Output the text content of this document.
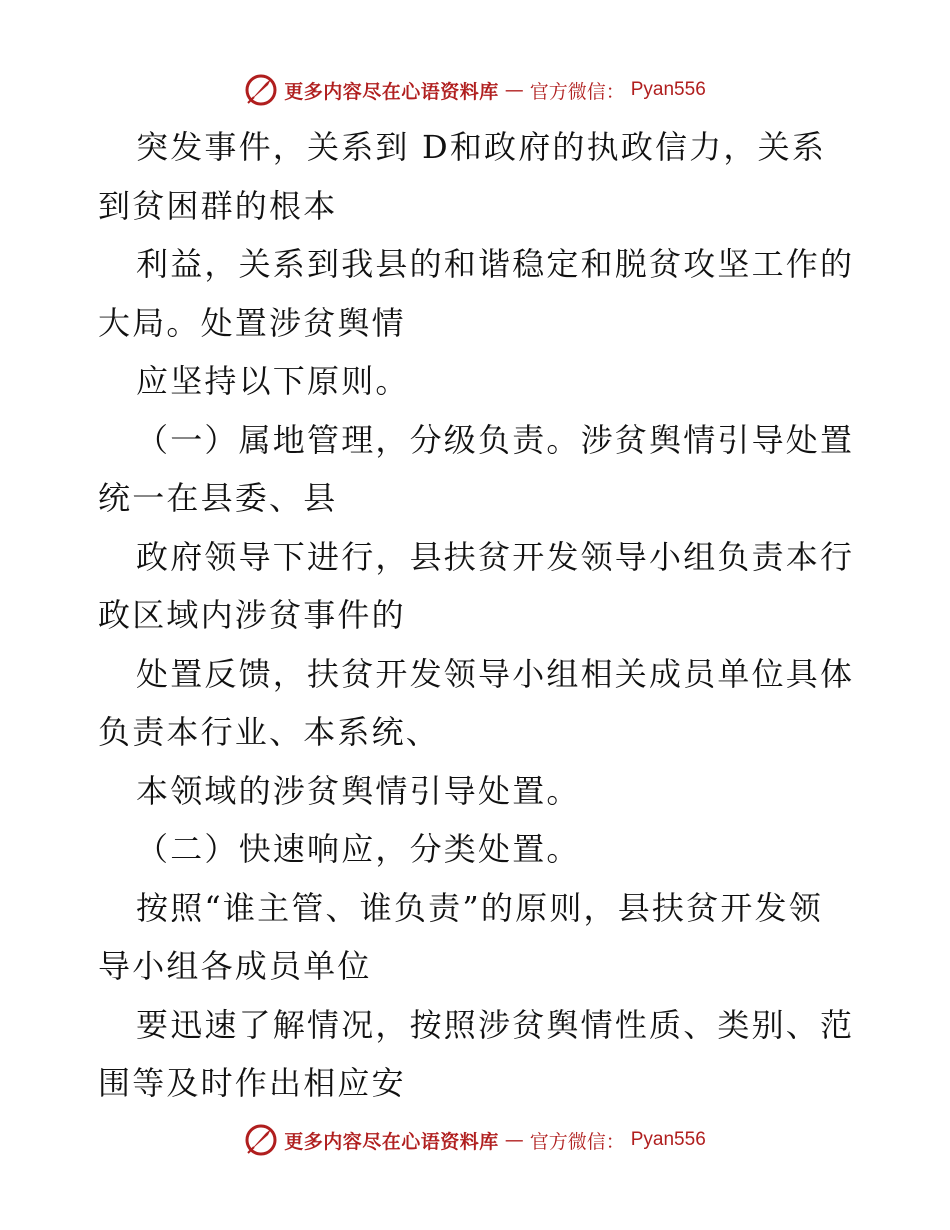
更多内容尽在心语资料库 — 官方微信： Pyan556
突发事件，关系到 D和政府的执政信力，关系
到贫困群的根本
利益，关系到我县的和谐稳定和脱贫攻坚工作的
大局。处置涉贫舆情
应坚持以下原则。
（一）属地管理，分级负责。涉贫舆情引导处置
统一在县委、县
政府领导下进行，县扶贫开发领导小组负责本行
政区域内涉贫事件的
处置反馈，扶贫开发领导小组相关成员单位具体
负责本行业、本系统、
本领域的涉贫舆情引导处置。
（二）快速响应，分类处置。
按照“谁主管、谁负责”的原则，县扶贫开发领
导小组各成员单位
要迅速了解情况，按照涉贫舆情性质、类别、范
围等及时作出相应安
更多内容尽在心语资料库 — 官方微信： Pyan556
